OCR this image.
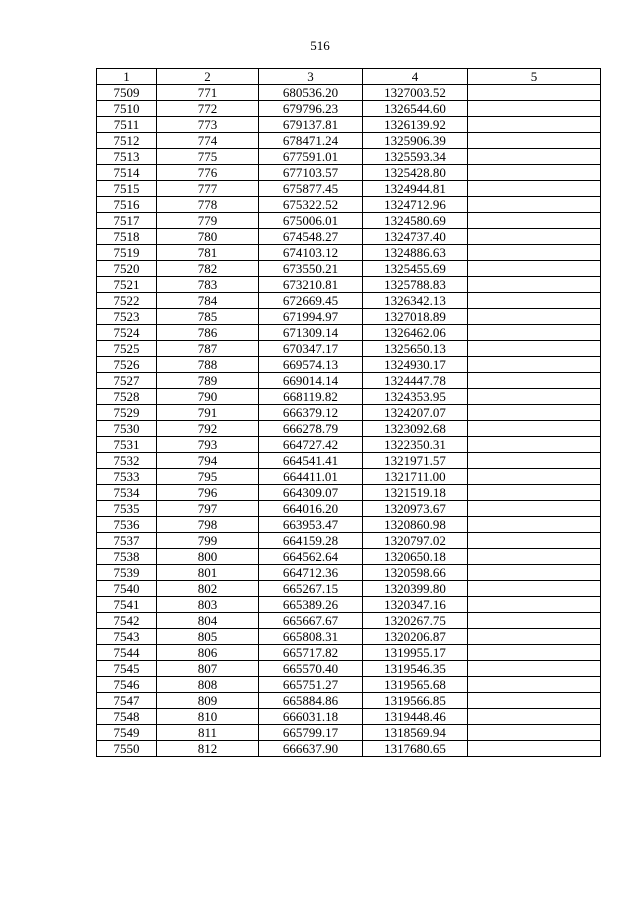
516
1	2	3	4	5
7509	771	680536.20	1327003.52	
7510	772	679796.23	1326544.60	
7511	773	679137.81	1326139.92	
7512	774	678471.24	1325906.39	
7513	775	677591.01	1325593.34	
7514	776	677103.57	1325428.80	
7515	777	675877.45	1324944.81	
7516	778	675322.52	1324712.96	
7517	779	675006.01	1324580.69	
7518	780	674548.27	1324737.40	
7519	781	674103.12	1324886.63	
7520	782	673550.21	1325455.69	
7521	783	673210.81	1325788.83	
7522	784	672669.45	1326342.13	
7523	785	671994.97	1327018.89	
7524	786	671309.14	1326462.06	
7525	787	670347.17	1325650.13	
7526	788	669574.13	1324930.17	
7527	789	669014.14	1324447.78	
7528	790	668119.82	1324353.95	
7529	791	666379.12	1324207.07	
7530	792	666278.79	1323092.68	
7531	793	664727.42	1322350.31	
7532	794	664541.41	1321971.57	
7533	795	664411.01	1321711.00	
7534	796	664309.07	1321519.18	
7535	797	664016.20	1320973.67	
7536	798	663953.47	1320860.98	
7537	799	664159.28	1320797.02	
7538	800	664562.64	1320650.18	
7539	801	664712.36	1320598.66	
7540	802	665267.15	1320399.80	
7541	803	665389.26	1320347.16	
7542	804	665667.67	1320267.75	
7543	805	665808.31	1320206.87	
7544	806	665717.82	1319955.17	
7545	807	665570.40	1319546.35	
7546	808	665751.27	1319565.68	
7547	809	665884.86	1319566.85	
7548	810	666031.18	1319448.46	
7549	811	665799.17	1318569.94	
7550	812	666637.90	1317680.65	
